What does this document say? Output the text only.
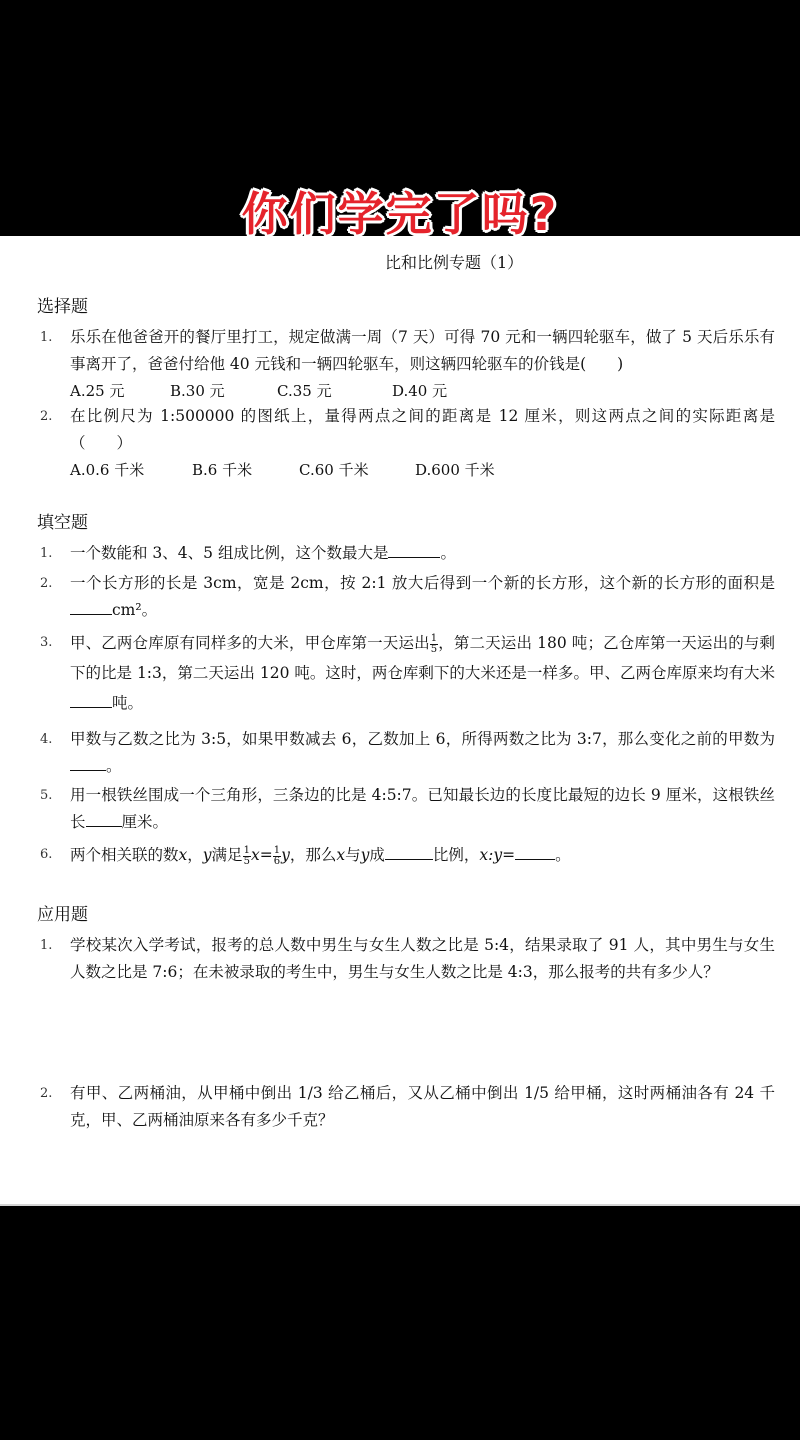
你们学完了吗?
比和比例专题（1）
选择题
1. 乐乐在他爸爸开的餐厅里打工，规定做满一周（7 天）可得 70 元和一辆四轮驱车，做了 5 天后乐乐有事离开了，爸爸付给他 40 元钱和一辆四轮驱车，则这辆四轮驱车的价钱是(　　)
A.25 元	B.30 元	C.35 元	D.40 元
2. 在比例尺为 1:500000 的图纸上，量得两点之间的距离是 12 厘米，则这两点之间的实际距离是（　　）
A.0.6 千米	B.6 千米	C.60 千米	D.600 千米
填空题
1. 一个数能和 3、4、5 组成比例，这个数最大是	。
2. 一个长方形的长是 3cm，宽是 2cm，按 2:1 放大后得到一个新的长方形，这个新的长方形的面积是cm²。
3. 甲、乙两仓库原有同样多的大米，甲仓库第一天运出 $\frac{1}{5}$ ，第二天运出 180 吨；乙仓库第一天运出的与剩下的比是 1:3，第二天运出 120 吨。这时，两仓库剩下的大米还是一样多。甲、乙两仓库原来均有大米吨。
4. 甲数与乙数之比为 3:5，如果甲数减去 6，乙数加上 6，所得两数之比为 3:7，那么变化之前的甲数为。
5. 用一根铁丝围成一个三角形，三条边的比是 4:5:7。已知最长边的长度比最短的边长 9 厘米，这根铁丝长 厘米。
6. 两个相关联的数x，y满足 $\frac{1}{5} x= \frac{1}{6}$ y，那么x与y成	比例，x:y=	。
应用题
1. 学校某次入学考试，报考的总人数中男生与女生人数之比是 5:4，结果录取了 91 人，其中男生与女生人数之比是 7:6；在未被录取的考生中，男生与女生人数之比是 4:3，那么报考的共有多少人？
2. 有甲、乙两桶油，从甲桶中倒出 1/3 给乙桶后，又从乙桶中倒出 1/5 给甲桶，这时两桶油各有 24 千克，甲、乙两桶油原来各有多少千克？
